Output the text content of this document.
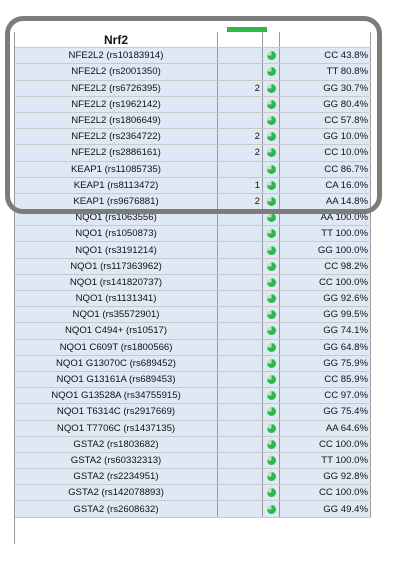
Nrf2			
NFE2L2 (rs10183914)			CC 43.8%
NFE2L2 (rs2001350)			TT 80.8%
NFE2L2 (rs6726395)	2		GG 30.7%
NFE2L2 (rs1962142)			GG 80.4%
NFE2L2 (rs1806649)			CC 57.8%
NFE2L2 (rs2364722)	2		GG 10.0%
NFE2L2 (rs2886161)	2		CC 10.0%
KEAP1 (rs11085735)			CC 86.7%
KEAP1 (rs8113472)	1		CA 16.0%
KEAP1 (rs9676881)	2		AA 14.8%
NQO1 (rs1063556)			AA 100.0%
NQO1 (rs1050873)			TT 100.0%
NQO1 (rs3191214)			GG 100.0%
NQO1 (rs117363962)			CC 98.2%
NQO1 (rs141820737)			CC 100.0%
NQO1 (rs1131341)			GG 92.6%
NQO1 (rs35572901)			GG 99.5%
NQO1 C494+ (rs10517)			GG 74.1%
NQO1 C609T (rs1800566)			GG 64.8%
NQO1 G13070C (rs689452)			GG 75.9%
NQO1 G13161A (rs689453)			CC 85.9%
NQO1 G13528A (rs34755915)			CC 97.0%
NQO1 T6314C (rs2917669)			GG 75.4%
NQO1 T7706C (rs1437135)			AA 64.6%
GSTA2 (rs1803682)			CC 100.0%
GSTA2 (rs60332313)			TT 100.0%
GSTA2 (rs2234951)			GG 92.8%
GSTA2 (rs142078893)			CC 100.0%
GSTA2 (rs2608632)			GG 49.4%
